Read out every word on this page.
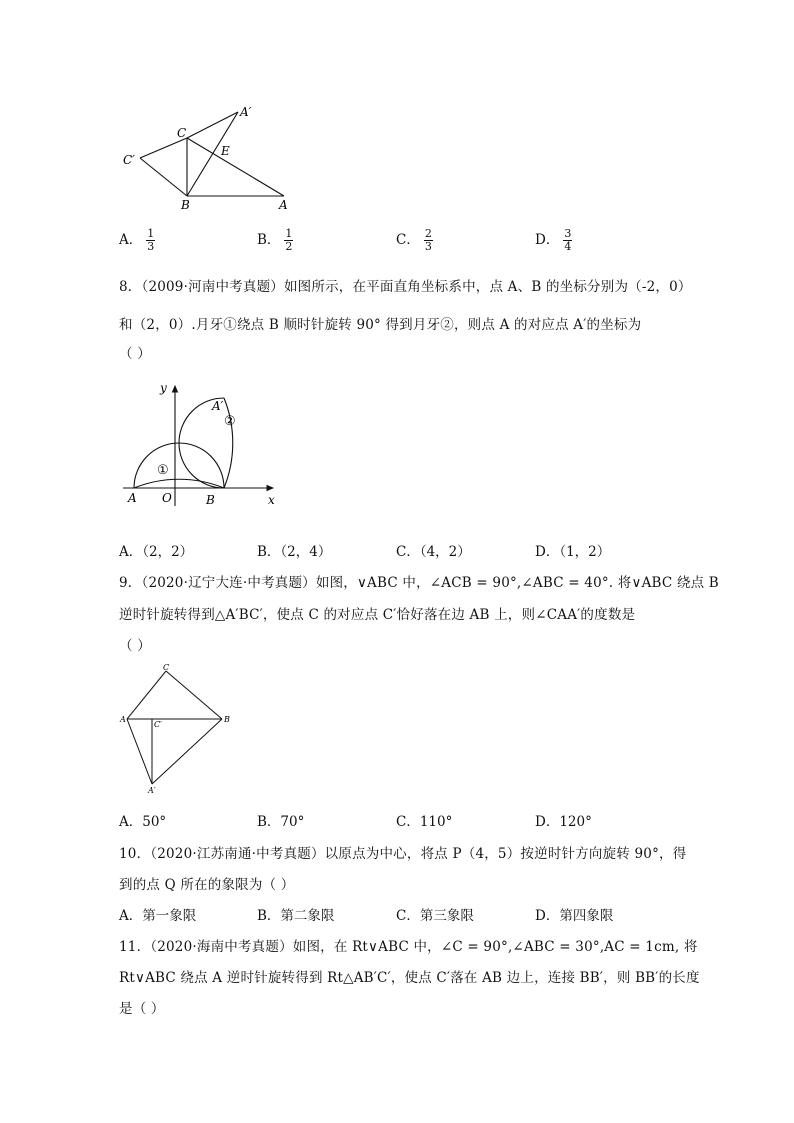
A′
C
E
C′
B	A
A． $\frac{1}{3}$	B． $\frac{1}{2}$	C． $\frac{2}{3}$	D． $\frac{3}{4}$
8．（2009·河南中考真题）如图所示，在平面直角坐标系中，点 A、B 的坐标分别为（-2，0）
和（2，0）.月牙①绕点 B 顺时针旋转 90° 得到月牙②，则点 A 的对应点 A′的坐标为
（ ）
y
x
A′
①
②
A O	B
A．（2，2）	B．（2，4）	C．（4，2）	D．（1，2）
9．（2020·辽宁大连·中考真题）如图，∨ABC 中，∠ACB = 90°,∠ABC = 40°. 将∨ABC 绕点 B
逆时针旋转得到△A′BC′，使点 C 的对应点 C′恰好落在边 AB 上，则∠CAA′的度数是
（ ）
C
A
C′
B
A′
A．50°	B．70°	C．110°	D．120°
10．（2020·江苏南通·中考真题）以原点为中心，将点 P（4，5）按逆时针方向旋转 90°，得
到的点 Q 所在的象限为（ ）
A．第一象限	B．第二象限	C．第三象限	D．第四象限
11．（2020·海南中考真题）如图，在 Rt∨ABC 中，∠C = 90°,∠ABC = 30°,AC = 1cm, 将
Rt∨ABC 绕点 A 逆时针旋转得到 Rt△AB′C′，使点 C′落在 AB 边上，连接 BB′，则 BB′的长度
是（ ）
